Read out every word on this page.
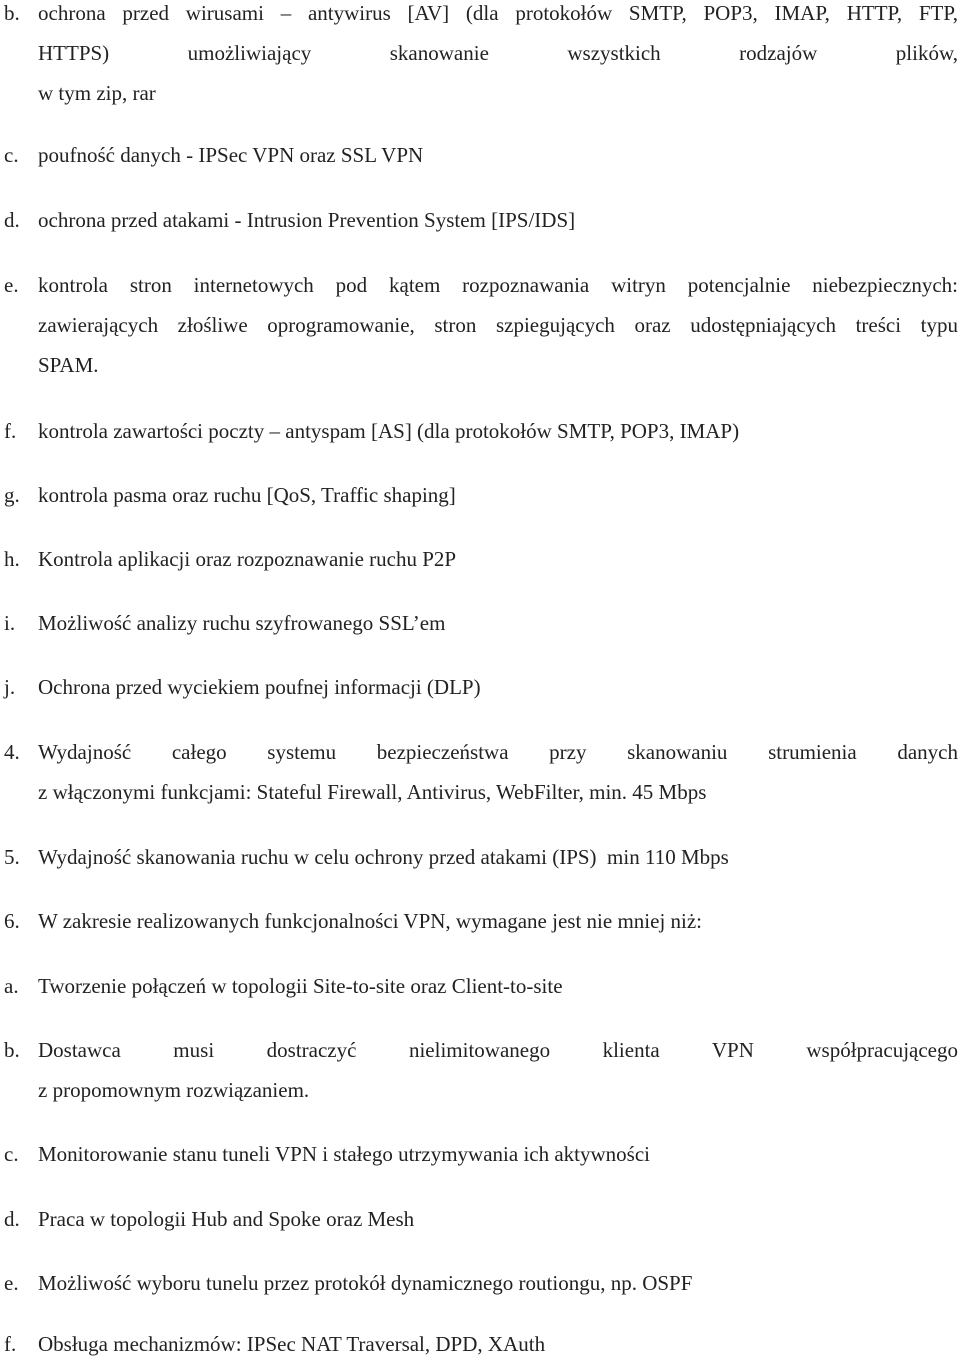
b. ochrona przed wirusami – antywirus [AV] (dla protokołów SMTP, POP3, IMAP, HTTP, FTP,
HTTPS) umożliwiający skanowanie wszystkich rodzajów plików,
w tym zip, rar
c. poufność danych - IPSec VPN oraz SSL VPN
d. ochrona przed atakami - Intrusion Prevention System [IPS/IDS]
e. kontrola stron internetowych pod kątem rozpoznawania witryn potencjalnie niebezpiecznych:
zawierających złośliwe oprogramowanie, stron szpiegujących oraz udostępniających treści typu
SPAM.
f. kontrola zawartości poczty – antyspam [AS] (dla protokołów SMTP, POP3, IMAP)
g. kontrola pasma oraz ruchu [QoS, Traffic shaping]
h. Kontrola aplikacji oraz rozpoznawanie ruchu P2P
i. Możliwość analizy ruchu szyfrowanego SSL’em
j. Ochrona przed wyciekiem poufnej informacji (DLP)
4. Wydajność całego systemu bezpieczeństwa przy skanowaniu strumienia danych
z włączonymi funkcjami: Stateful Firewall, Antivirus, WebFilter, min. 45 Mbps
5. Wydajność skanowania ruchu w celu ochrony przed atakami (IPS)  min 110 Mbps
6. W zakresie realizowanych funkcjonalności VPN, wymagane jest nie mniej niż:
a. Tworzenie połączeń w topologii Site-to-site oraz Client-to-site
b. Dostawca musi dostraczyć nielimitowanego klienta VPN współpracującego
z propomownym rozwiązaniem.
c. Monitorowanie stanu tuneli VPN i stałego utrzymywania ich aktywności
d. Praca w topologii Hub and Spoke oraz Mesh
e. Możliwość wyboru tunelu przez protokół dynamicznego routiongu, np. OSPF
f. Obsługa mechanizmów: IPSec NAT Traversal, DPD, XAuth
